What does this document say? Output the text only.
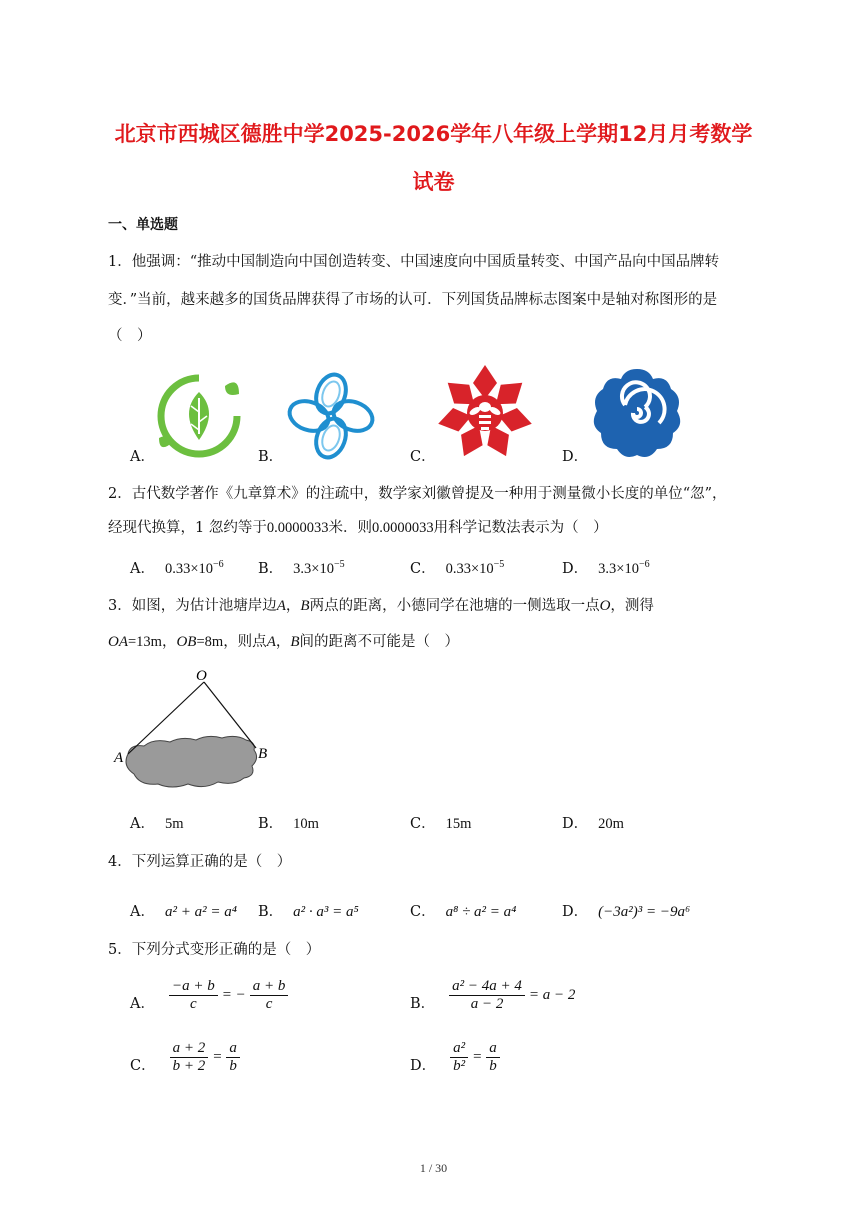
北京市西城区德胜中学2025-2026学年八年级上学期12月月考数学
试卷
一、单选题
1．他强调：“推动中国制造向中国创造转变、中国速度向中国质量转变、中国产品向中国品牌转
变．”当前，越来越多的国货品牌获得了市场的认可．下列国货品牌标志图案中是轴对称图形的是
（　）
A．	B．	C．	D．
2．古代数学著作《九章算术》的注疏中，数学家刘徽曾提及一种用于测量微小长度的单位“忽”，
经现代换算，1 忽约等于0.0000033米．则0.0000033用科学记数法表示为（　）
A． $0.33\times 10^{-6}$ B． $3.3\times 10^{-5}$	C． $0.33\times 10^{-5}$	D． $3.3\times 10^{-6}$
3．如图，为估计池塘岸边A，B两点的距离，小德同学在池塘的一侧选取一点O，测得
OA=13m，OB=8m，则点A，B间的距离不可能是（　）
O
A	B
A． 5m	B． 10m	C． 15m	D． 20m
4．下列运算正确的是（　）
A． a² + a² = a⁴ B． a² · a³ = a⁵	C． a⁸ ÷ a² = a⁴	D． (−3a²)³ = −9a⁶
5．下列分式变形正确的是（　）
A． $\frac{-a + b}{c}$ = − $\frac{a + b}{c}$	B． $\frac{\text{a² − 4a + 4}}{a - 2} = a - 2$
C． $\frac{a + 2}{b + 2} = \frac{a}{b}$	D． $\frac{\text{a²}}{\text{b²}} = \frac{a}{b}$
1 / 30
